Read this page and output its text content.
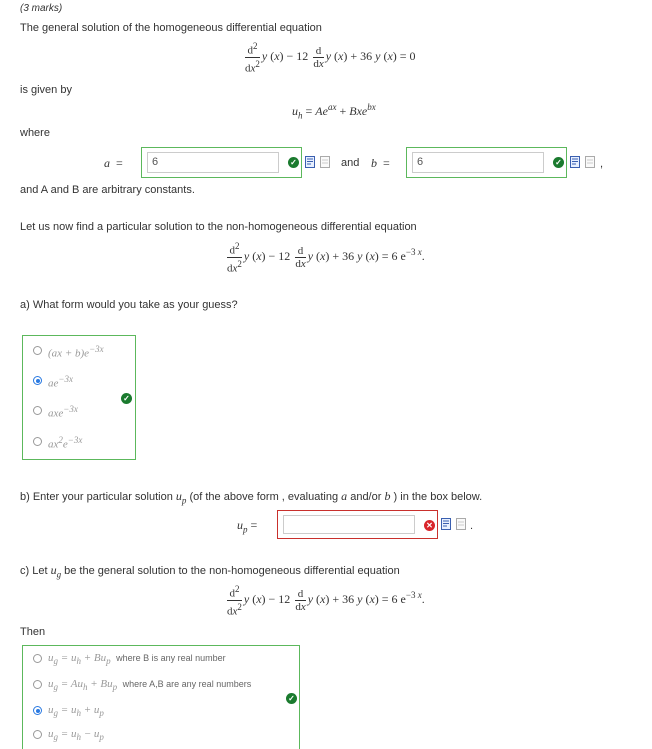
(3 marks)
The general solution of the homogeneous differential equation
$\frac{d^2}{dx^2}$ y $(x) - 12 \frac{d}{dx}$ y (x) + 36 y (x) = 0
is given by
$u_h = Ae^{ax} + Bxe^{bx}$
where
a  =	6	✓	and b  =	6	✓	,
and A and B are arbitrary constants.
Let us now find a particular solution to the non-homogeneous differential equation
$\frac{d^2}{dx^2}$ y $(x) - 12 \frac{d}{dx}$ y (x) + 36 y (x) = 6 $e^{-3 x}$.
a) What form would you take as your guess?
$(ax + b)e^{-3x}$
$ae^{-3x}$
axe$^{-3x}$
$ax^2e^{-3x}$
✓
b) Enter your particular solution $u_p$ (of the above form , evaluating a and/or b ) in the box below.
$u_p$ =	✕	.
c) Let $u_g$ be the general solution to the non-homogeneous differential equation
$\frac{d^2}{dx^2}$ y $(x) - 12 \frac{d}{dx}$ y (x) + 36 y (x) = 6 $e^{-3 x}$.
Then
$u_g = u_h + Bu_p$ where B is any real number
$u_g = Au_h + Bu_p$ where A,B are any real numbers
$u_g = u_h + u_p$
$u_g = u_h - u_p$
✓
